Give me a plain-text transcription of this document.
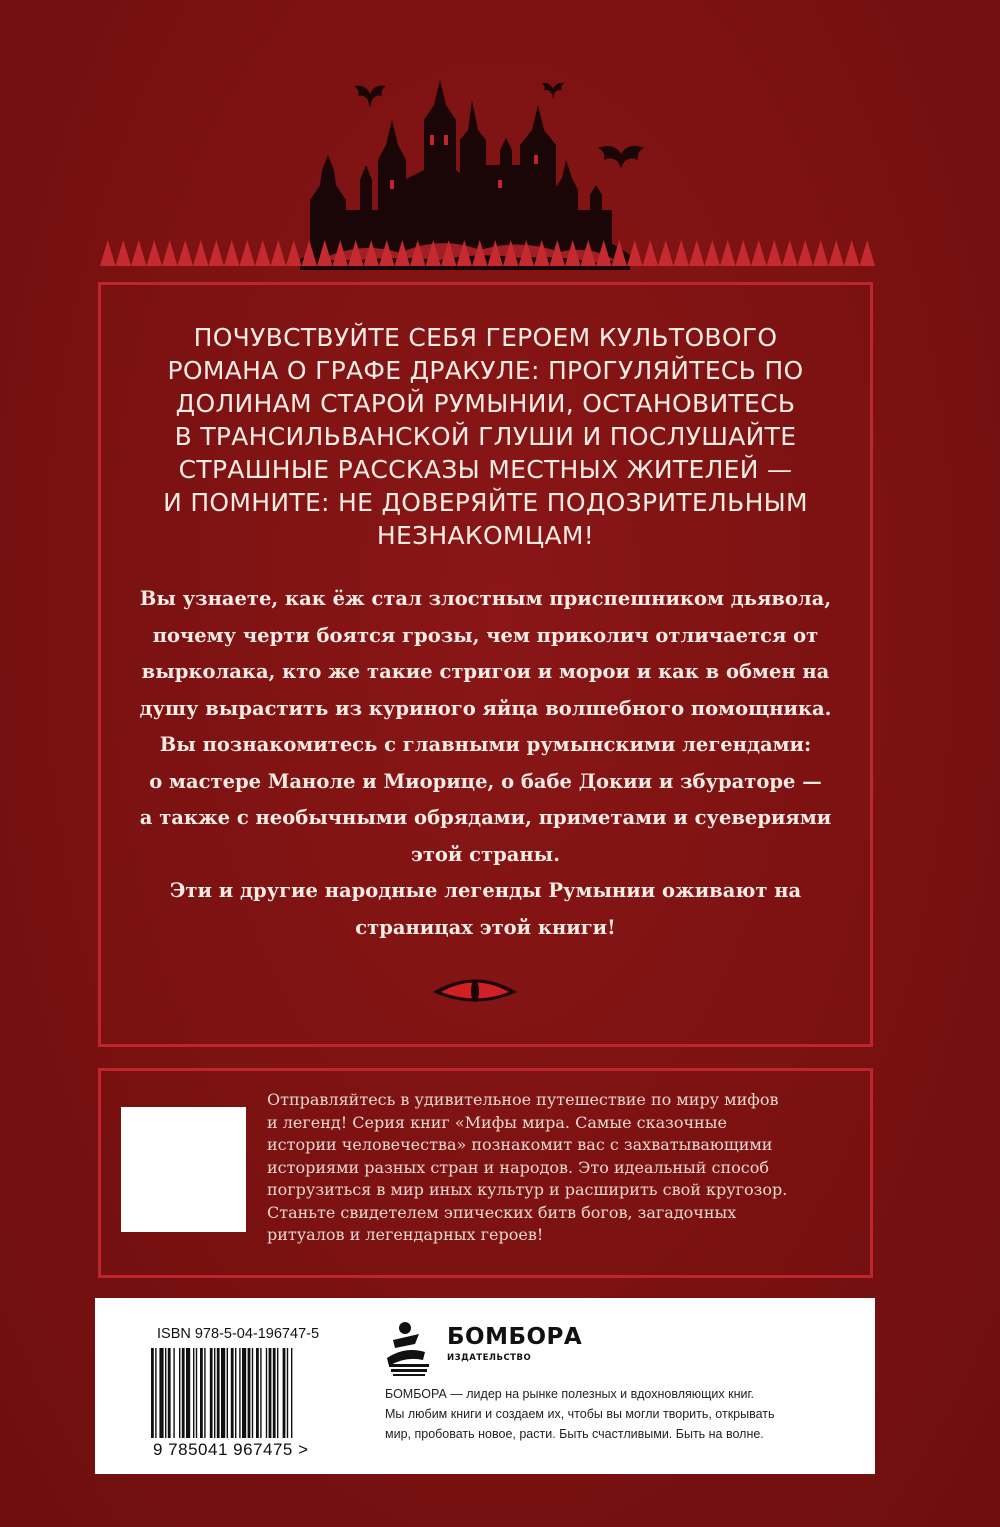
ПОЧУВСТВУЙТЕ СЕБЯ ГЕРОЕМ КУЛЬТОВОГО
РОМАНА О ГРАФЕ ДРАКУЛЕ: ПРОГУЛЯЙТЕСЬ ПО
ДОЛИНАМ СТАРОЙ РУМЫНИИ, ОСТАНОВИТЕСЬ
В ТРАНСИЛЬВАНСКОЙ ГЛУШИ И ПОСЛУШАЙТЕ
СТРАШНЫЕ РАССКАЗЫ МЕСТНЫХ ЖИТЕЛЕЙ —
И ПОМНИТЕ: НЕ ДОВЕРЯЙТЕ ПОДОЗРИТЕЛЬНЫМ
НЕЗНАКОМЦАМ!
Вы узнаете, как ёж стал злостным приспешником дьявола,
почему черти боятся грозы, чем приколич отличается от
вырколака, кто же такие стригои и морои и как в обмен на
душу вырастить из куриного яйца волшебного помощника.
Вы познакомитесь с главными румынскими легендами:
о мастере Маноле и Миорице, о бабе Докии и збураторе —
а также с необычными обрядами, приметами и суевериями
этой страны.
Эти и другие народные легенды Румынии оживают на
страницах этой книги!
Отправляйтесь в удивительное путешествие по миру мифов
и легенд! Серия книг «Мифы мира. Самые сказочные
истории человечества» познакомит вас с захватывающими
историями разных стран и народов. Это идеальный способ
погрузиться в мир иных культур и расширить свой кругозор.
Станьте свидетелем эпических битв богов, загадочных
ритуалов и легендарных героев!
ISBN 978-5-04-196747-5
9 785041 967475 >
БОМБОРА
ИЗДАТЕЛЬСТВО
БОМБОРА — лидер на рынке полезных и вдохновляющих книг.
Мы любим книги и создаем их, чтобы вы могли творить, открывать
мир, пробовать новое, расти. Быть счастливыми. Быть на волне.
